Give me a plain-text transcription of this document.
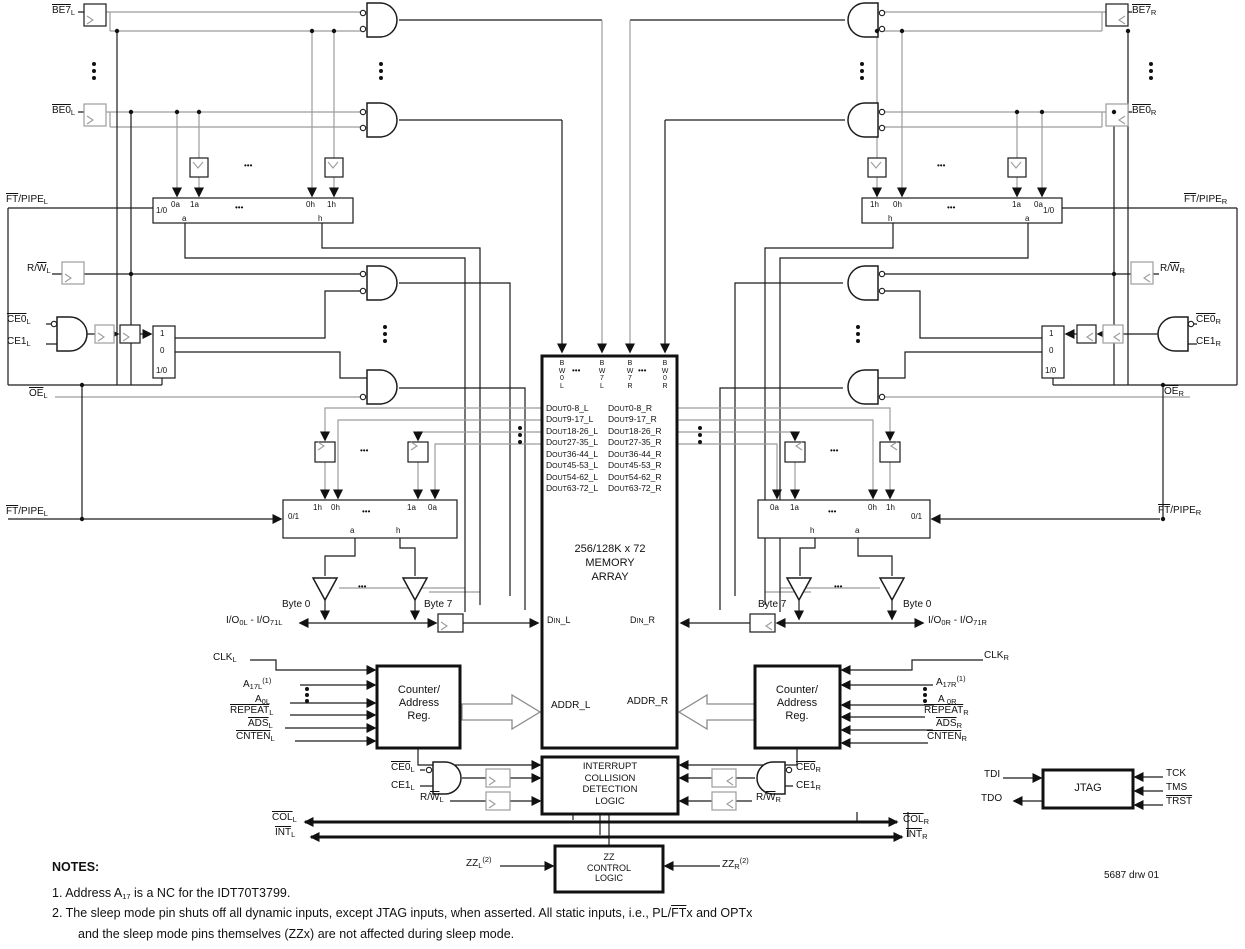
$BE7_L$
$BE0_L$
$\overline{FT}/PIPE_L$
$R/\overline{W}_L$
$CE0_L$
$CE1_L$
$\overline{OE}_L$
$\overline{FT}/PIPE_L$
$I/O_{0L} - I/O_{71L}$
Byte 0	Byte 7
$CLK_L$
$A_{17L}^{(1)}$
$A_{0L}$
$REPEAT_L$
$\overline{ADS}_L$
$CNTEN_L$
$CE0_L$
$CE1_L$
$R/\overline{W}_L$
$\overline{COL}_L$
$\overline{INT}_L$
$ZZ_L^{(2)}$
$BE7_R$
$BE0_R$
$\overline{FT}/PIPE_R$
$R/\overline{W}_R$
$CE0_R$
$CE1_R$
$\overline{OE}_R$
$\overline{FT}/PIPE_R$
$I/O_{0R} - I/O_{71R}$
Byte 7	Byte 0
$CLK_R$
$A_{17R}^{(1)}$
A $_{0R}$
$REPEAT_R$
$\overline{ADS}_R$
$CNTEN_R$
$CE0_R$
$CE1_R$
$R/\overline{W}_R$
$\overline{COL}_R$
$\overline{INT}_R$
$ZZ_R^{(2)}$
TDI
TDO
TCK
TMS
TRST
5687 drw 01
256/128K x 72
MEMORY
ARRAY
B
W
0
L
B
W
7
L
B
W
7
R
B
W
0
R
•••	•••
DOUT0-8_L
DOUT9-17_L
DOUT18-26_L
DOUT27-35_L
DOUT36-44_L
DOUT45-53_L
DOUT54-62_L
DOUT63-72_L
DOUT0-8_R
DOUT9-17_R
DOUT18-26_R
DOUT27-35_R
DOUT36-44_R
DOUT45-53_R
DOUT54-62_R
DOUT63-72_R
DIN_L	DIN_R
ADDR_L	ADDR_R
Counter/
Address
Reg.
Counter/
Address
Reg.
INTERRUPT
COLLISION
DETECTION
LOGIC
ZZ
CONTROL
LOGIC
JTAG
1/0
0a 1a	•••	0h 1h
a	h
1h 0h	•••	1a 0a
1/0
h	a
1
0
1/0
1
0
1/0
0/1
1h 0h	•••	1a 0a
a	h
0a 1a	•••	0h 1h
0/1
h	a
•••	•••
•••	•••
•••	•••
NOTES:
1. Address A17 is a NC for the IDT70T3799.
2. The sleep mode pin shuts off all dynamic inputs, except JTAG inputs, when asserted. All static inputs, i.e., $PL/\overline{FT}x$ and OPTx
and the sleep mode pins themselves (ZZx) are not affected during sleep mode.
